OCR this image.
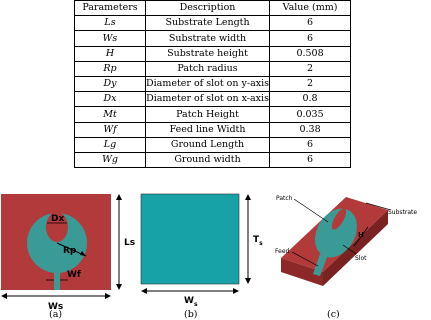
Parameters	Description	Value (mm)
Ls	Substrate Length	6
Ws	Substrate width	6
H	Substrate height	0.508
Rp	Patch radius	2
Dy	Diameter of slot on y-axis	2
Dx	Diameter of slot on x-axis	0.8
Mt	Patch Height	0.035
Wf	Feed line Width	0.38
Lg	Ground Length	6
Wg	Ground width	6
Dx
Rp
Wf
Ls
Ws
$T_s$
$W_s$
Patch
Feed
Slot
Substrate
H
(a)	(b)	(c)
